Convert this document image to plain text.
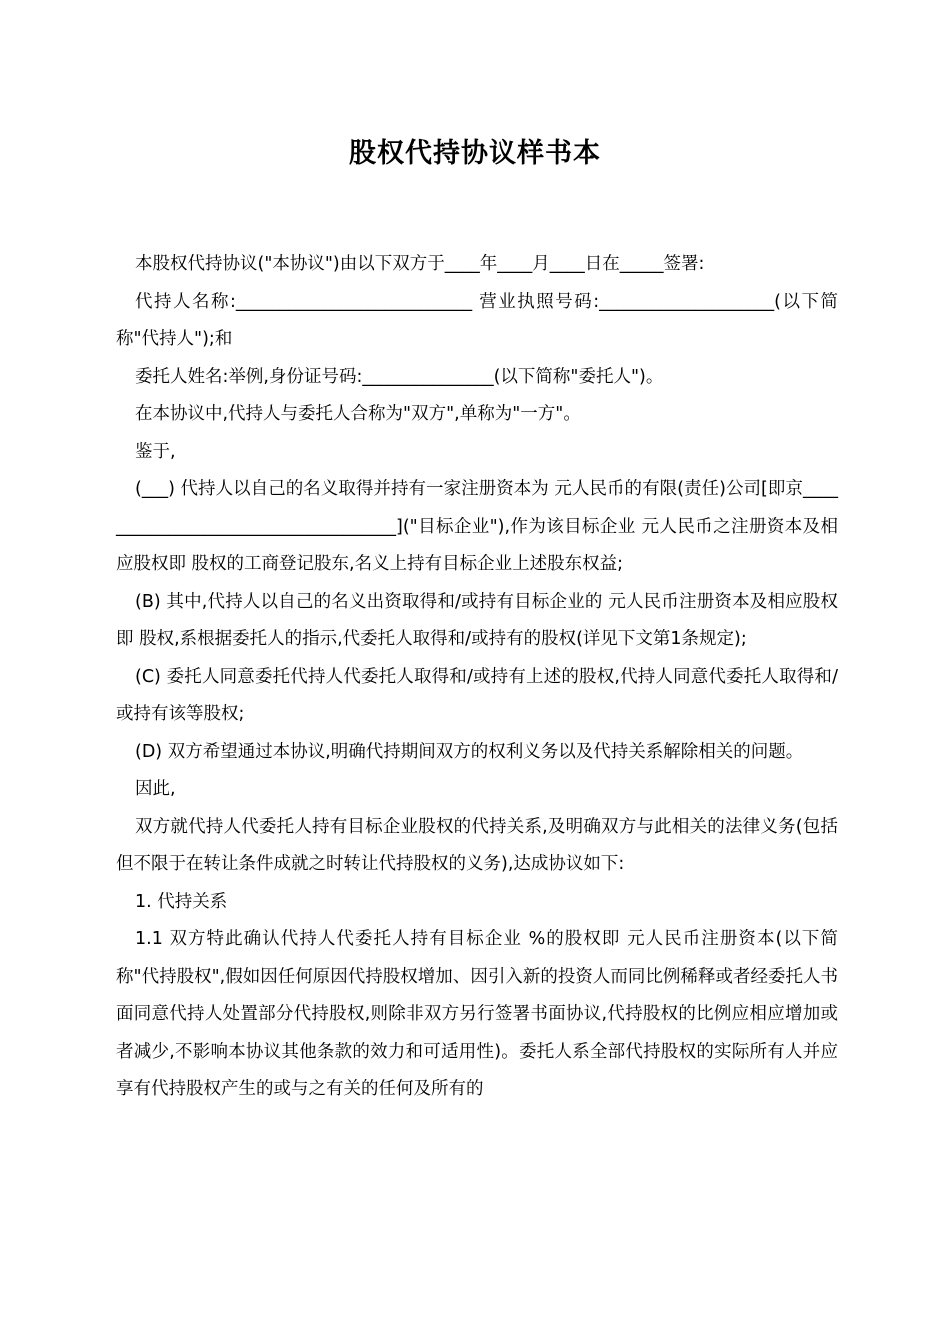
股权代持协议样书本

本股权代持协议("本协议")由以下双方于____年____月____日在_____签署:

代持人名称:___________________________ 营业执照号码:____________________(以下简称"代持人");和

委托人姓名:举例,身份证号码:_______________(以下简称"委托人")。

在本协议中,代持人与委托人合称为"双方",单称为"一方"。

鉴于,

(___) 代持人以自己的名义取得并持有一家注册资本为 元人民币的有限(责任)公司[即京____________________________________]("目标企业"),作为该目标企业 元人民币之注册资本及相应股权即 股权的工商登记股东,名义上持有目标企业上述股东权益;

(B) 其中,代持人以自己的名义出资取得和/或持有目标企业的 元人民币注册资本及相应股权即 股权,系根据委托人的指示,代委托人取得和/或持有的股权(详见下文第1条规定);

(C) 委托人同意委托代持人代委托人取得和/或持有上述的股权,代持人同意代委托人取得和/或持有该等股权;

(D) 双方希望通过本协议,明确代持期间双方的权利义务以及代持关系解除相关的问题。

因此,

双方就代持人代委托人持有目标企业股权的代持关系,及明确双方与此相关的法律义务(包括但不限于在转让条件成就之时转让代持股权的义务),达成协议如下:

1. 代持关系

1.1 双方特此确认代持人代委托人持有目标企业 %的股权即 元人民币注册资本(以下简称"代持股权",假如因任何原因代持股权增加、因引入新的投资人而同比例稀释或者经委托人书面同意代持人处置部分代持股权,则除非双方另行签署书面协议,代持股权的比例应相应增加或者减少,不影响本协议其他条款的效力和可适用性)。委托人系全部代持股权的实际所有人并应享有代持股权产生的或与之有关的任何及所有的
